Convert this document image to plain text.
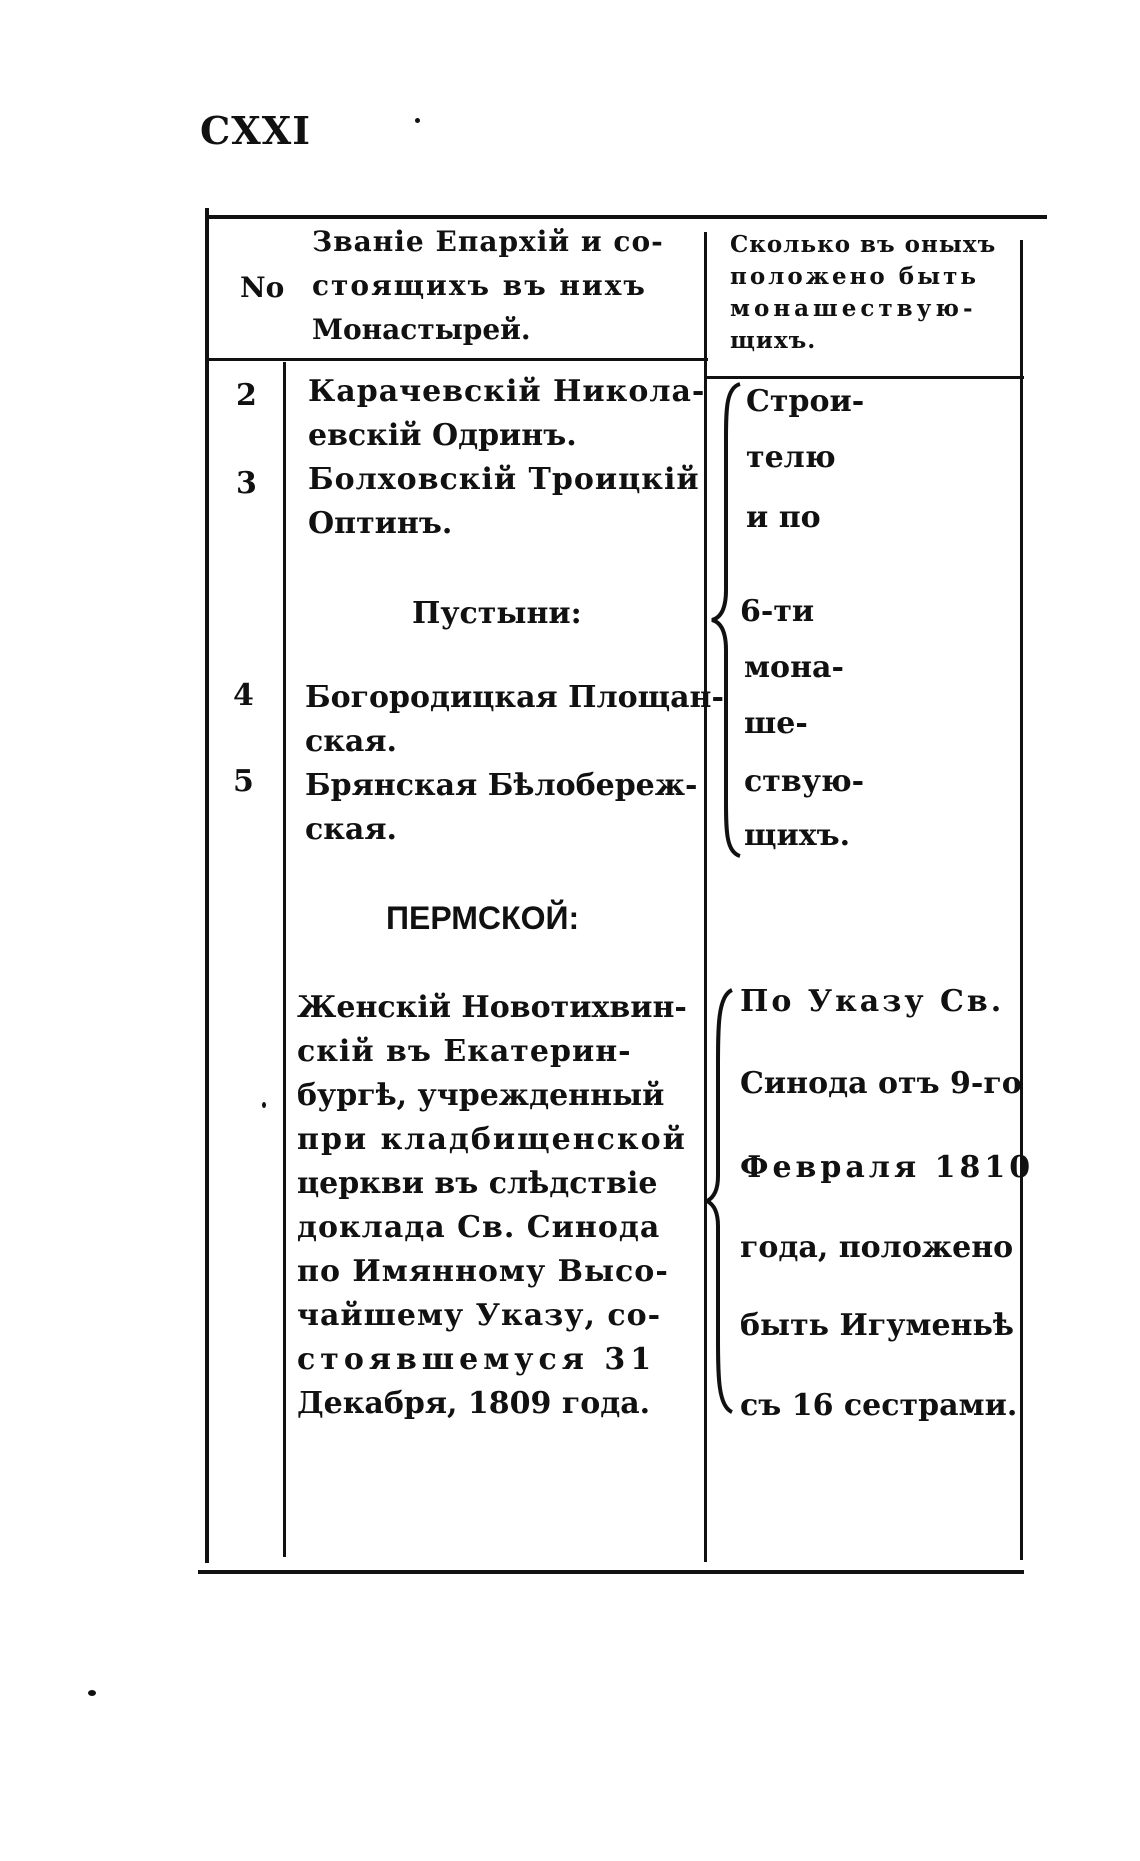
CXXI
No
Званіе Епархій и со-
стоящихъ въ нихъ
Монастырей.
Сколько въ оныхъ
положено быть
монашествую-
щихъ.
2 Карачевскій Никола-
евскій Одринъ.
3 Болховскій Троицкій
Оптинъ.
Пустыни:
4 Богородицкая Площан-
ская.
5 Брянская Бѣлобереж-
ская.
Строи-
телю
и по
6-ти
мона-
ше-
ствую-
щихъ.
ПЕРМСКОЙ:
Женскій Новотихвин-
скій въ Екатерин-
бургѣ, учрежденный
при кладбищенской
церкви въ слѣдствіе
доклада Св. Синода
по Имянному Высо-
чайшему Указу, со-
стоявшемуся 31
Декабря, 1809 года.
По Указу Св.
Синода отъ 9-го
Февраля 1810
года, положено
быть Игуменьѣ
съ 16 сестрами.
